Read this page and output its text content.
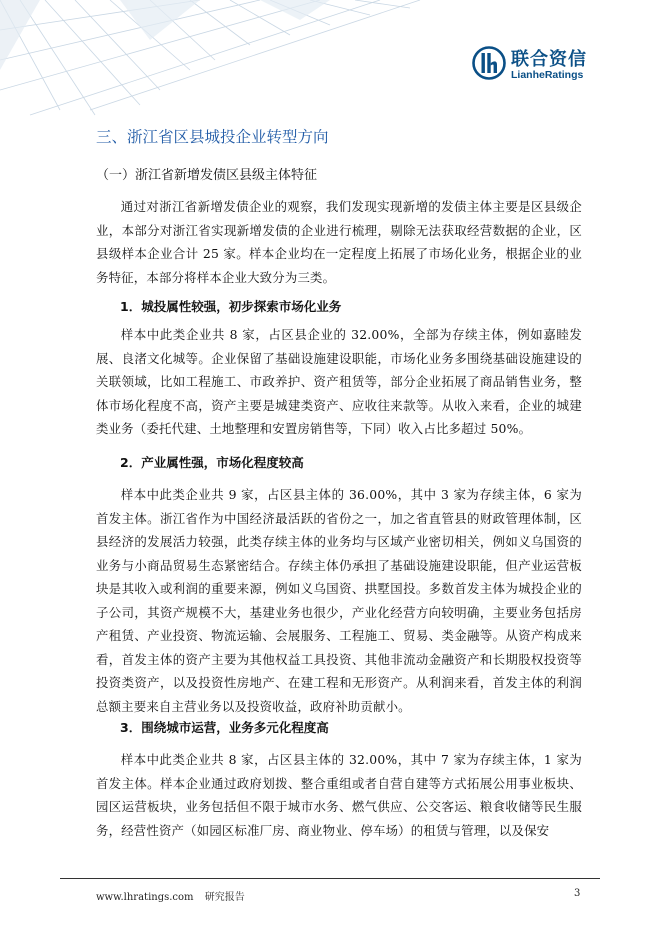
联合资信
LianheRatings
三、浙江省区县城投企业转型方向
（一）浙江省新增发债区县级主体特征

通过对浙江省新增发债企业的观察，我们发现实现新增的发债主体主要是区县级企业，本部分对浙江省实现新增发债的企业进行梳理，剔除无法获取经营数据的企业，区县级样本企业合计 25 家。样本企业均在一定程度上拓展了市场化业务，根据企业的业务特征，本部分将样本企业大致分为三类。

1．城投属性较强，初步探索市场化业务

样本中此类企业共 8 家，占区县企业的 32.00%，全部为存续主体，例如嘉睦发展、良渚文化城等。企业保留了基础设施建设职能，市场化业务多围绕基础设施建设的关联领域，比如工程施工、市政养护、资产租赁等，部分企业拓展了商品销售业务，整体市场化程度不高，资产主要是城建类资产、应收往来款等。从收入来看，企业的城建类业务（委托代建、土地整理和安置房销售等，下同）收入占比多超过 50%。

2．产业属性强，市场化程度较高

样本中此类企业共 9 家，占区县主体的 36.00%，其中 3 家为存续主体，6 家为首发主体。浙江省作为中国经济最活跃的省份之一，加之省直管县的财政管理体制，区县经济的发展活力较强，此类存续主体的业务均与区域产业密切相关，例如义乌国资的业务与小商品贸易生态紧密结合。存续主体仍承担了基础设施建设职能，但产业运营板块是其收入或利润的重要来源，例如义乌国资、拱墅国投。多数首发主体为城投企业的子公司，其资产规模不大，基建业务也很少，产业化经营方向较明确，主要业务包括房产租赁、产业投资、物流运输、会展服务、工程施工、贸易、类金融等。从资产构成来看，首发主体的资产主要为其他权益工具投资、其他非流动金融资产和长期股权投资等投资类资产，以及投资性房地产、在建工程和无形资产。从利润来看，首发主体的利润总额主要来自主营业务以及投资收益，政府补助贡献小。

3．围绕城市运营，业务多元化程度高

样本中此类企业共 8 家，占区县主体的 32.00%，其中 7 家为存续主体，1 家为首发主体。样本企业通过政府划拨、整合重组或者自营自建等方式拓展公用事业板块、园区运营板块，业务包括但不限于城市水务、燃气供应、公交客运、粮食收储等民生服务，经营性资产（如园区标准厂房、商业物业、停车场）的租赁与管理，以及保安

www.lhratings.com 研究报告	3
